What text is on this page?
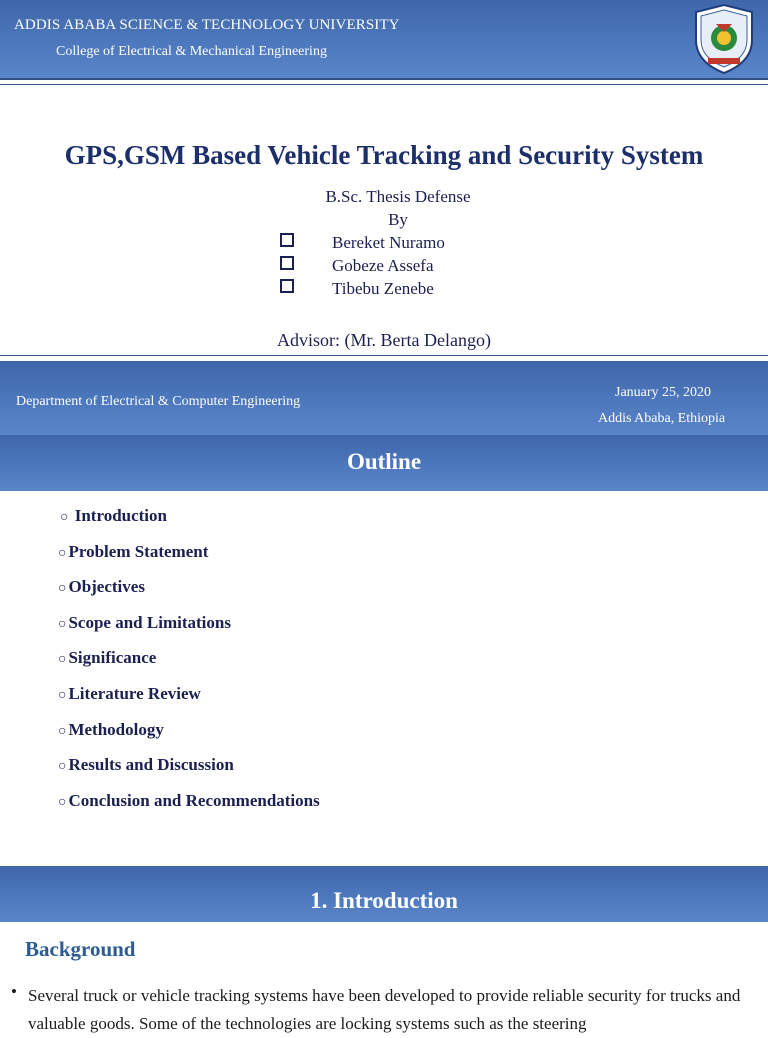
ADDIS ABABA SCIENCE & TECHNOLOGY UNIVERSITY
College of Electrical & Mechanical Engineering
GPS,GSM Based Vehicle Tracking and Security System
B.Sc. Thesis Defense
By
Bereket Nuramo
Gobeze Assefa
Tibebu Zenebe
Advisor: (Mr. Berta Delango)
Department of Electrical & Computer Engineering
January 25, 2020
Addis Ababa, Ethiopia
Outline
○ Introduction
○ Problem Statement
○ Objectives
○ Scope and Limitations
○ Significance
○ Literature Review
○ Methodology
○ Results and Discussion
○ Conclusion and Recommendations
1. Introduction
Background
• Several truck or vehicle tracking systems have been developed to provide reliable security for trucks and valuable goods. Some of the technologies are locking systems such as the steering
